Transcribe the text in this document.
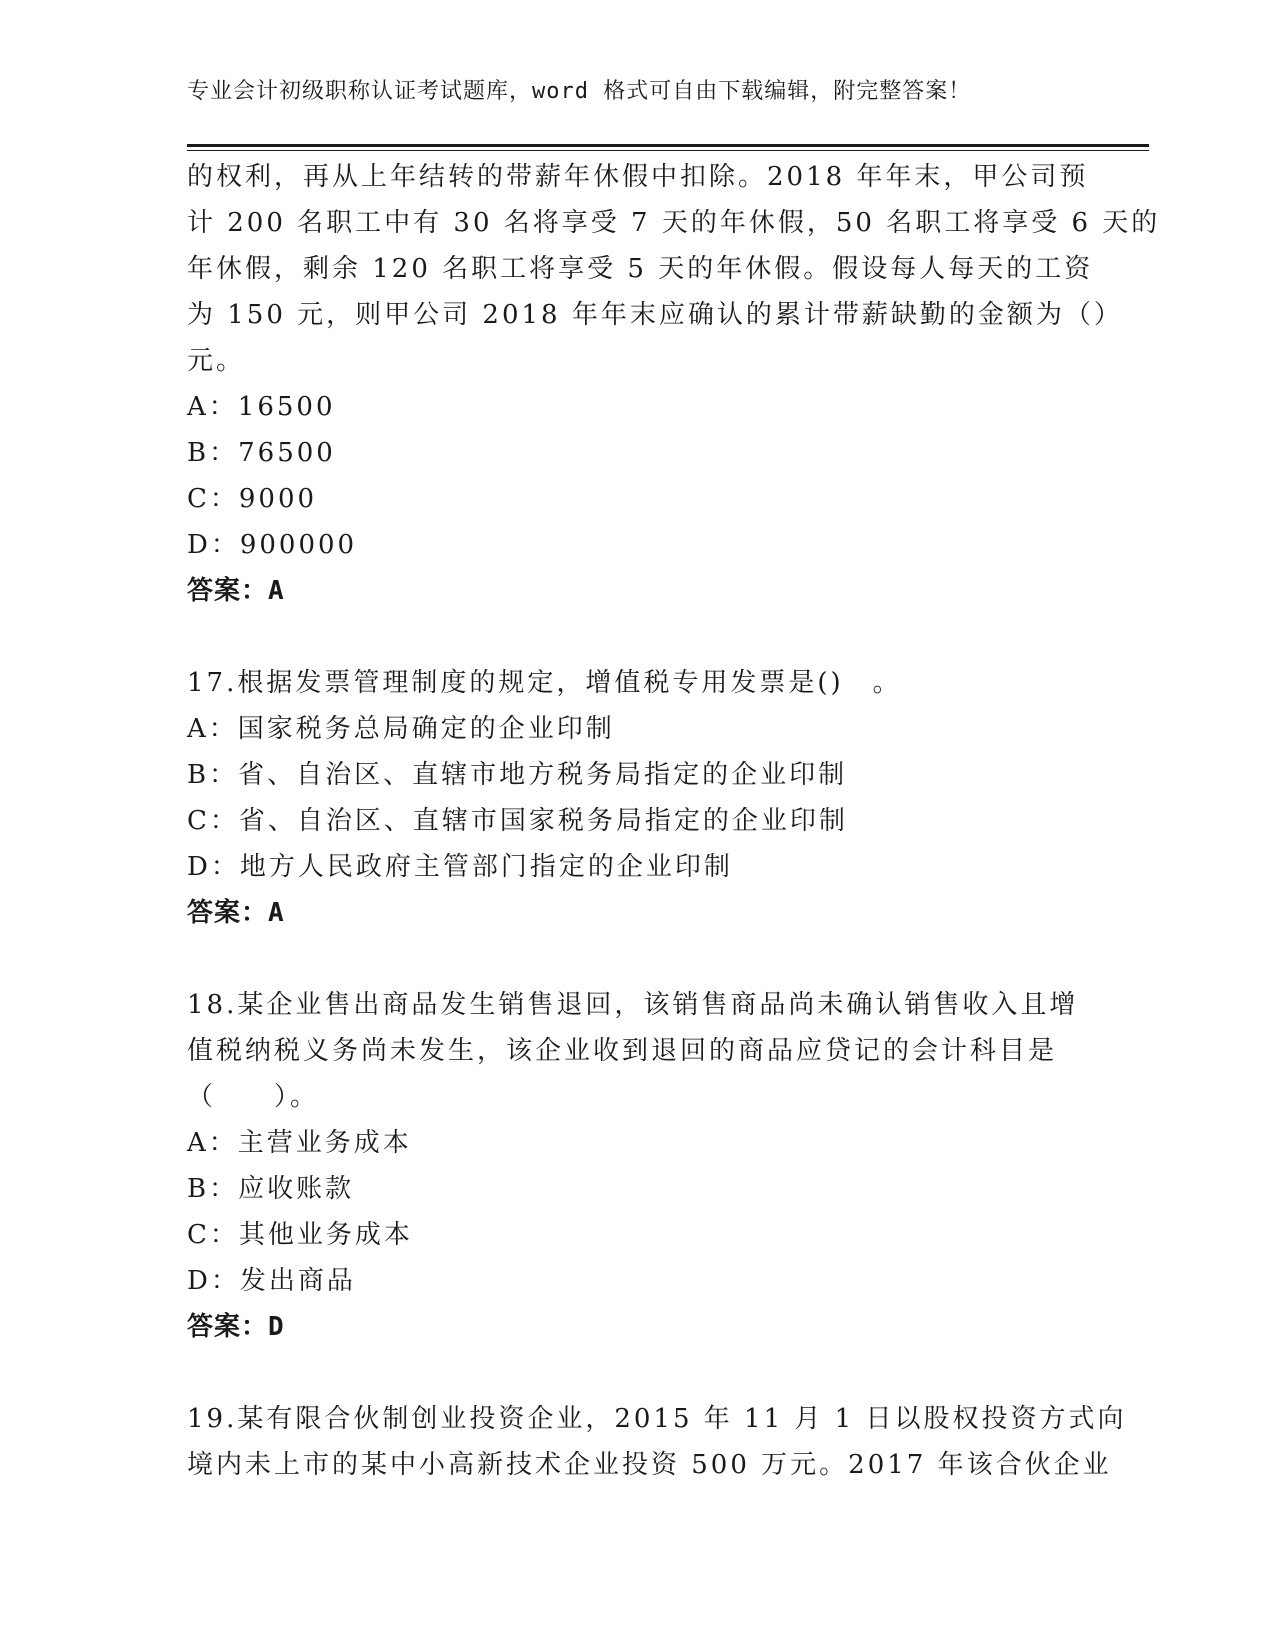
专业会计初级职称认证考试题库，word 格式可自由下载编辑，附完整答案！
的权利，再从上年结转的带薪年休假中扣除。2018 年年末，甲公司预
计 200 名职工中有 30 名将享受 7 天的年休假，50 名职工将享受 6 天的
年休假，剩余 120 名职工将享受 5 天的年休假。假设每人每天的工资
为 150 元，则甲公司 2018 年年末应确认的累计带薪缺勤的金额为（）
元。
A：16500
B：76500
C：9000
D：900000
答案：A
17.根据发票管理制度的规定，增值税专用发票是()　。
A：国家税务总局确定的企业印制
B：省、自治区、直辖市地方税务局指定的企业印制
C：省、自治区、直辖市国家税务局指定的企业印制
D：地方人民政府主管部门指定的企业印制
答案：A
18.某企业售出商品发生销售退回，该销售商品尚未确认销售收入且增
值税纳税义务尚未发生，该企业收到退回的商品应贷记的会计科目是
（　　）。
A：主营业务成本
B：应收账款
C：其他业务成本
D：发出商品
答案：D
19.某有限合伙制创业投资企业，2015 年 11 月 1 日以股权投资方式向
境内未上市的某中小高新技术企业投资 500 万元。2017 年该合伙企业
